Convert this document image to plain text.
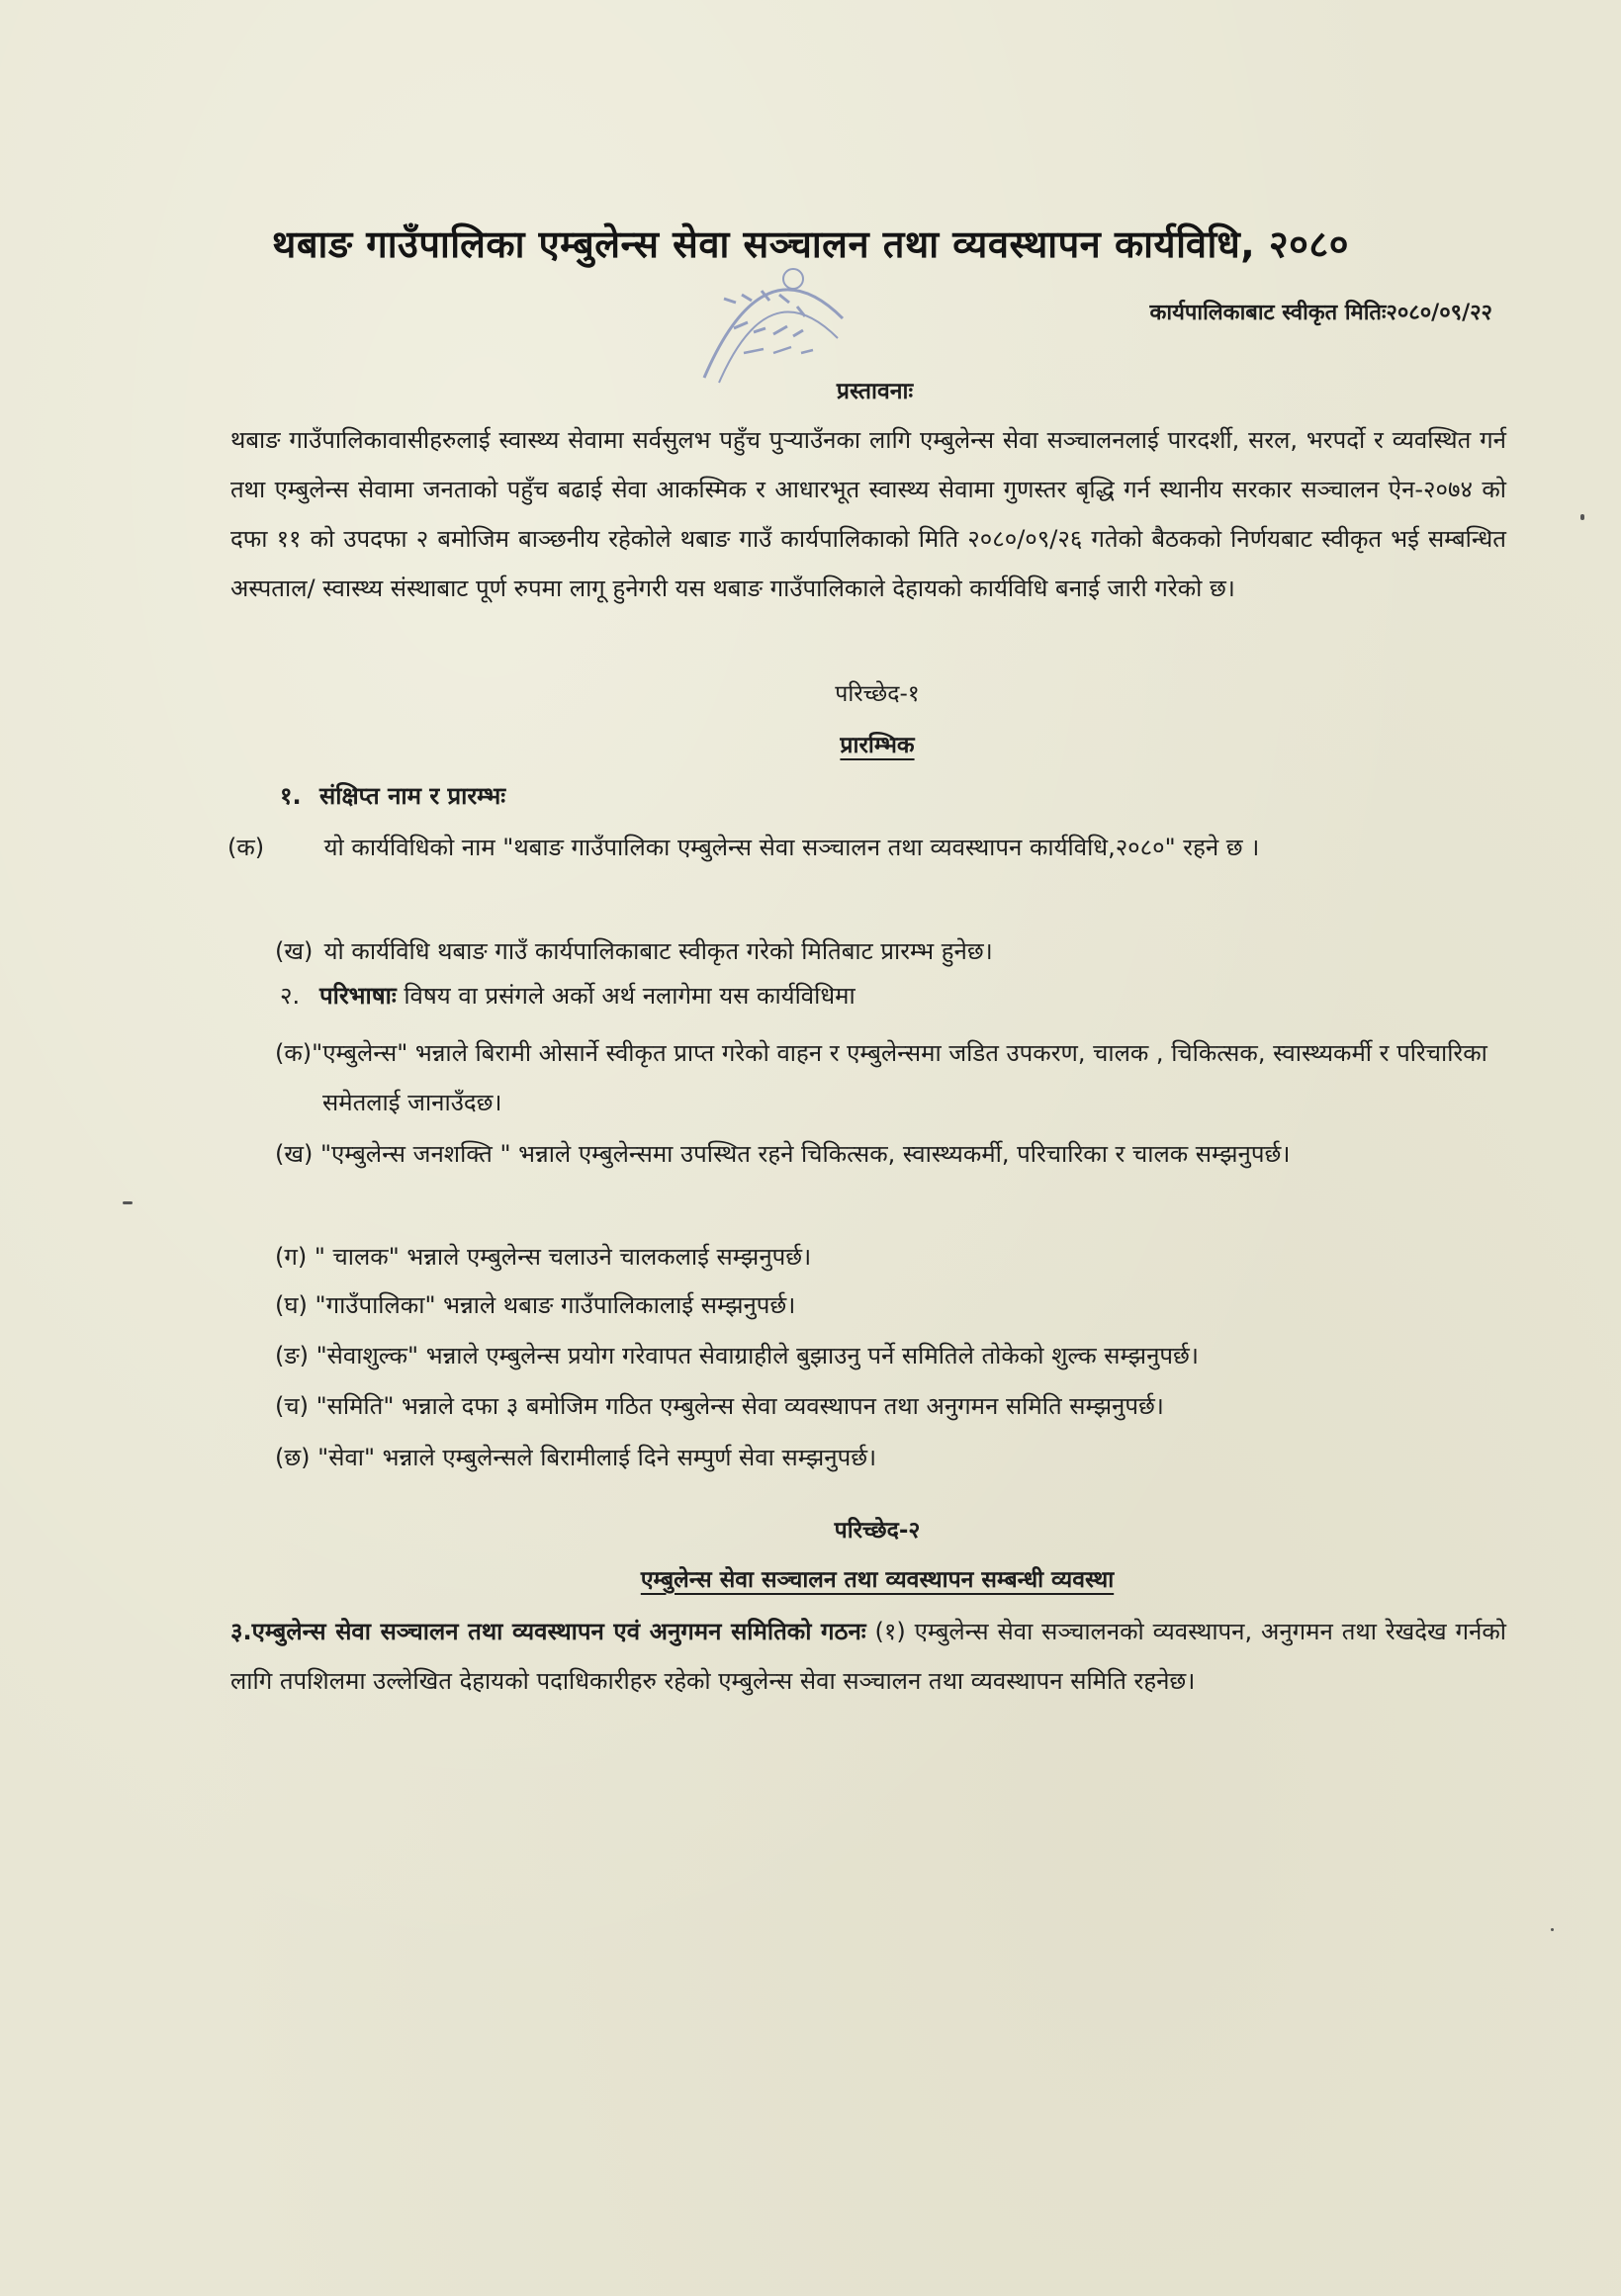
थबाङ गाउँपालिका एम्बुलेन्स सेवा सञ्चालन तथा व्यवस्थापन कार्यविधि, २०८०
कार्यपालिकाबाट स्वीकृत मितिः२०८०/०९/२२
प्रस्तावनाः
थबाङ गाउँपालिकावासीहरुलाई स्वास्थ्य सेवामा सर्वसुलभ पहुँच पुऱ्याउँनका लागि एम्बुलेन्स सेवा सञ्चालनलाई पारदर्शी, सरल, भरपर्दो र व्यवस्थित गर्न तथा एम्बुलेन्स सेवामा जनताको पहुँच बढाई सेवा आकस्मिक र आधारभूत स्वास्थ्य सेवामा गुणस्तर बृद्धि गर्न स्थानीय सरकार सञ्चालन ऐन-२०७४ को दफा ११ को उपदफा २ बमोजिम बाञ्छनीय रहेकोले थबाङ गाउँ कार्यपालिकाको मिति २०८०/०९/२६ गतेको बैठकको निर्णयबाट स्वीकृत भई सम्बन्धित अस्पताल/ स्वास्थ्य संस्थाबाट पूर्ण रुपमा लागू हुनेगरी यस थबाङ गाउँपालिकाले देहायको कार्यविधि बनाई जारी गरेको छ।
परिच्छेद-१
प्रारम्भिक
१. संक्षिप्त नाम र प्रारम्भः
(क)	यो कार्यविधिको नाम "थबाङ गाउँपालिका एम्बुलेन्स सेवा सञ्चालन तथा व्यवस्थापन कार्यविधि,२०८०" रहने छ ।
(ख) यो कार्यविधि थबाङ गाउँ कार्यपालिकाबाट स्वीकृत गरेको मितिबाट प्रारम्भ हुनेछ।
२. परिभाषाः विषय वा प्रसंगले अर्को अर्थ नलागेमा यस कार्यविधिमा
(क)"एम्बुलेन्स" भन्नाले बिरामी ओसार्ने स्वीकृत प्राप्त गरेको वाहन र एम्बुलेन्समा जडित उपकरण, चालक , चिकित्सक, स्वास्थ्यकर्मी र परिचारिका समेतलाई जानाउँदछ।
(ख) "एम्बुलेन्स जनशक्ति " भन्नाले एम्बुलेन्समा उपस्थित रहने चिकित्सक, स्वास्थ्यकर्मी, परिचारिका र चालक सम्झनुपर्छ।
(ग) " चालक" भन्नाले एम्बुलेन्स चलाउने चालकलाई सम्झनुपर्छ।
(घ) "गाउँपालिका" भन्नाले थबाङ गाउँपालिकालाई सम्झनुपर्छ।
(ङ) "सेवाशुल्क" भन्नाले एम्बुलेन्स प्रयोग गरेवापत सेवाग्राहीले बुझाउनु पर्ने समितिले तोकेको शुल्क सम्झनुपर्छ।
(च) "समिति" भन्नाले दफा ३ बमोजिम गठित एम्बुलेन्स सेवा व्यवस्थापन तथा अनुगमन समिति सम्झनुपर्छ।
(छ) "सेवा" भन्नाले एम्बुलेन्सले बिरामीलाई दिने सम्पुर्ण सेवा सम्झनुपर्छ।
परिच्छेद-२
एम्बुलेन्स सेवा सञ्चालन तथा व्यवस्थापन सम्बन्धी व्यवस्था
३.एम्बुलेन्स सेवा सञ्चालन तथा व्यवस्थापन एवं अनुगमन समितिको गठनः (१) एम्बुलेन्स सेवा सञ्चालनको व्यवस्थापन, अनुगमन तथा रेखदेख गर्नको लागि तपशिलमा उल्लेखित देहायको पदाधिकारीहरु रहेको एम्बुलेन्स सेवा सञ्चालन तथा व्यवस्थापन समिति रहनेछ।
